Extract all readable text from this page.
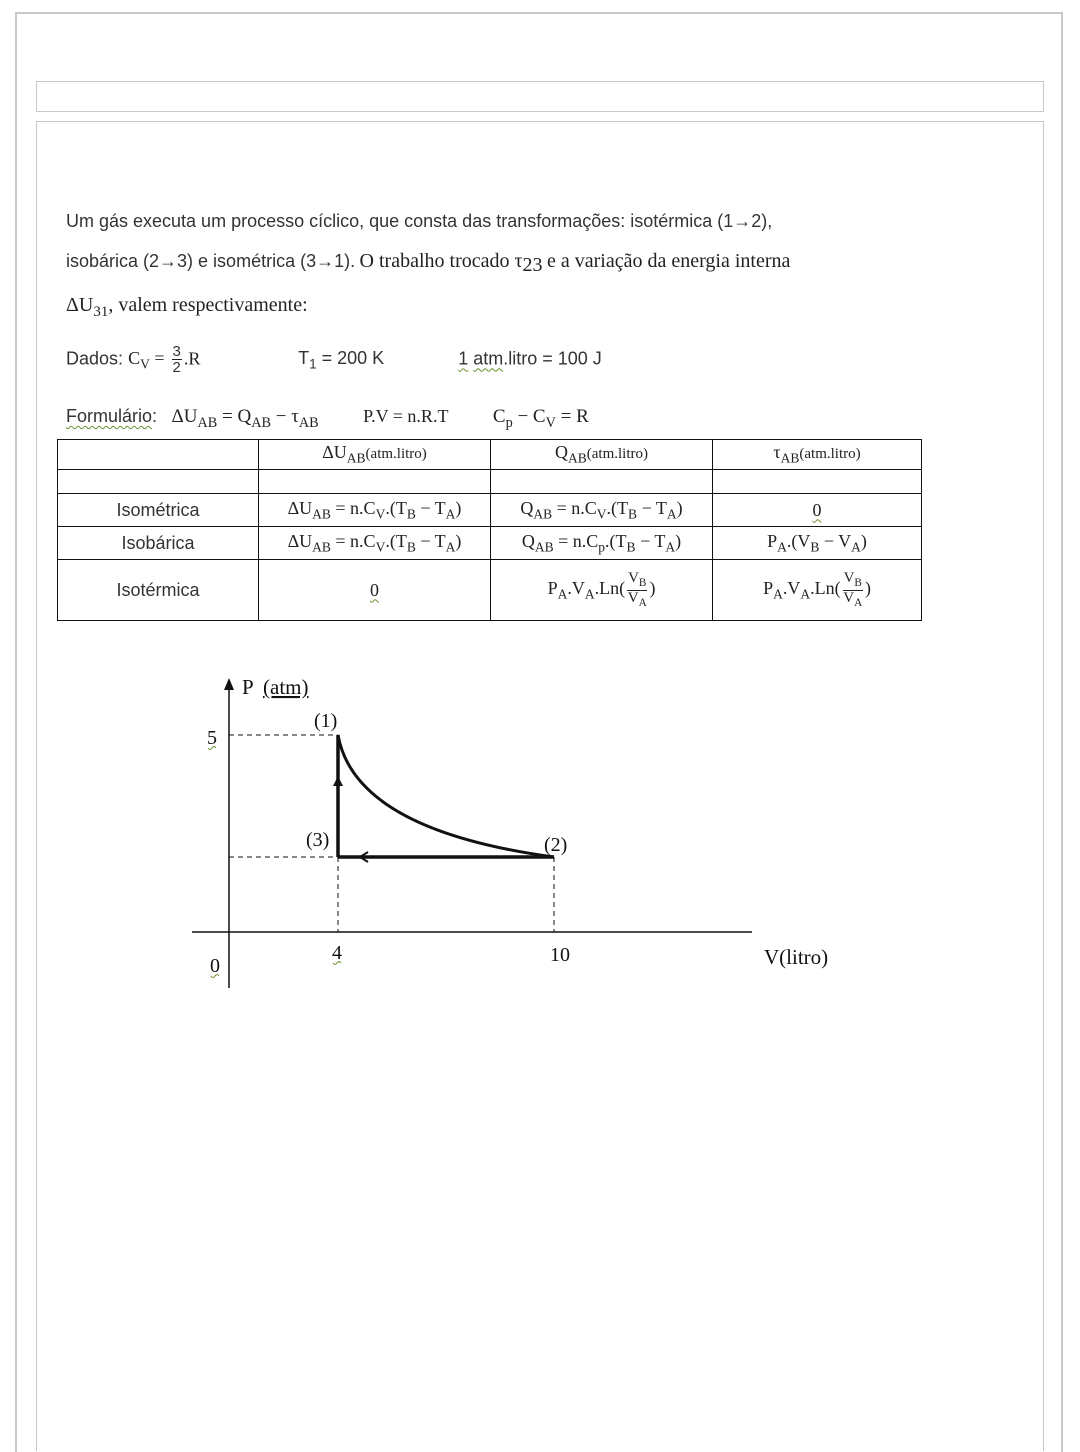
Um gás executa um processo cíclico, que consta das transformações: isotérmica (1→2),
isobárica (2→3) e isométrica (3→1). O trabalho trocado $\tau_{23}$ e a variação da energia interna
$\Delta U_{31}$, valem respectivamente:
Dados: $C_V = \frac{3}{2} .R$	$T_1 = 200$ K	1 atm.litro = 100 J
Formulário: $\Delta U_{AB} = Q_{AB} - \tau_{AB}$ P.V = n.R.T $C_p - C_V = R$
	$\Delta U_{AB}(atm.litro)$	$Q_{AB}(atm.litro)$	$\tau_{AB}(atm.litro)$

Isométrica	$\Delta U_{AB} = n.C_V.(T_B - T_A)$	$Q_{AB} = n.C_V.(T_B - T_A)$	0
Isobárica	$\Delta U_{AB} = n.C_V.(T_B - T_A)$	$Q_{AB} = n.C_p.(T_B - T_A)$	$P_A.(V_B - V_A)$
Isotérmica	0	$P_A.V_A.Ln( \frac{V_B}{V_A}$ )	$P_A.V_A.Ln( \frac{V_B}{V_A}$ )
P (atm)
(1)
(2)
(3)
5
0
4	10	V(litro)
